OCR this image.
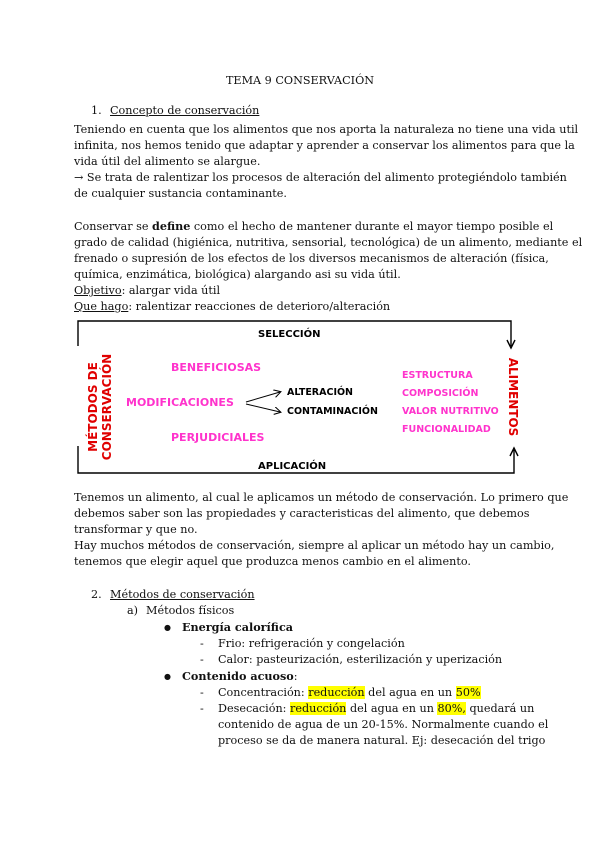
TEMA 9 CONSERVACIÓN
1. Concepto de conservación
Teniendo en cuenta que los alimentos que nos aporta la naturaleza no tiene una vida util
infinita, nos hemos tenido que adaptar y aprender a conservar los alimentos para que la
vida útil del alimento se alargue.
→ Se trata de ralentizar los procesos de alteración del alimento protegiéndolo también
de cualquier sustancia contaminante.
Conservar se define como el hecho de mantener durante el mayor tiempo posible el
grado de calidad (higiénica, nutritiva, sensorial, tecnológica) de un alimento, mediante el
frenado o supresión de los efectos de los diversos mecanismos de alteración (física,
química, enzimática, biológica) alargando asi su vida útil.
Objetivo: alargar vida útil
Que hago: ralentizar reacciones de deterioro/alteración
SELECCIÓN
APLICACIÓN
MÉTODOS DE CONSERVACIÓN	ALIMENTOS
BENEFICIOSAS
MODIFICACIONES
PERJUDICIALES
ALTERACIÓN
CONTAMINACIÓN
ESTRUCTURA
COMPOSICIÓN
VALOR NUTRITIVO
FUNCIONALIDAD
Tenemos un alimento, al cual le aplicamos un método de conservación. Lo primero que
debemos saber son las propiedades y caracteristicas del alimento, que debemos
transformar y que no.
Hay muchos métodos de conservación, siempre al aplicar un método hay un cambio,
tenemos que elegir aquel que produzca menos cambio en el alimento.
2. Métodos de conservación
a) Métodos físicos
● Energía calorífica
- Frio: refrigeración y congelación
- Calor: pasteurización, esterilización y uperización
● Contenido acuoso:
- Concentración: reducción del agua en un 50%
- Desecación: reducción del agua en un 80%, quedará un
contenido de agua de un 20-15%. Normalmente cuando el
proceso se da de manera natural. Ej: desecación del trigo
